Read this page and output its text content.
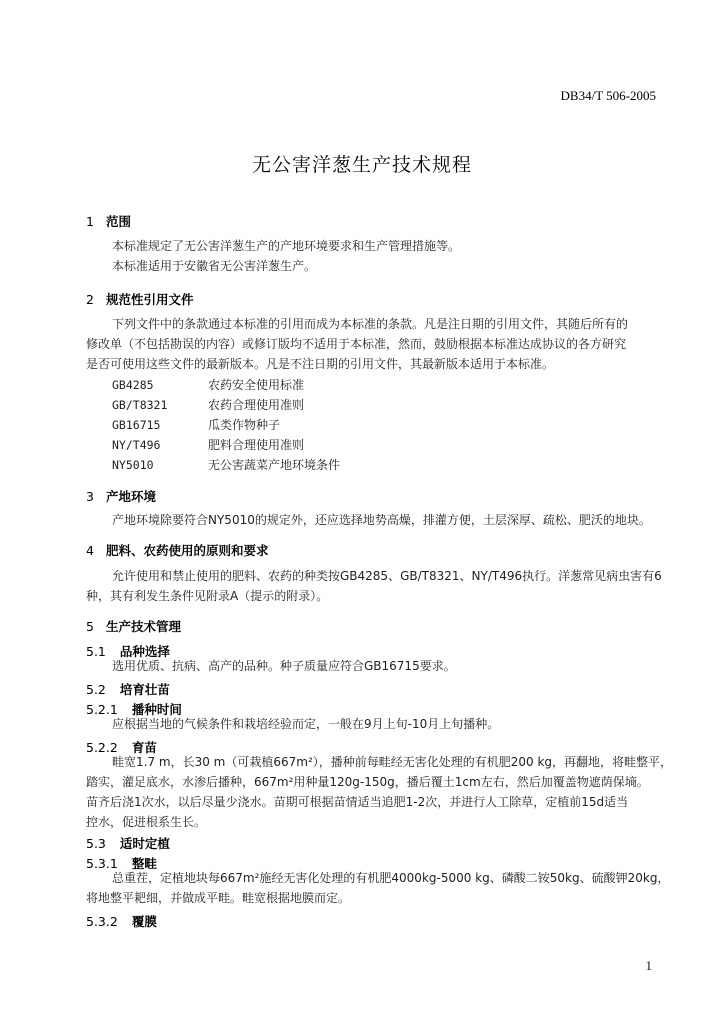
DB34/T 506-2005
无公害洋葱生产技术规程
1 范围
本标准规定了无公害洋葱生产的产地环境要求和生产管理措施等。
本标准适用于安徽省无公害洋葱生产。
2 规范性引用文件
下列文件中的条款通过本标准的引用而成为本标准的条款。凡是注日期的引用文件，其随后所有的
修改单（不包括勘误的内容）或修订版均不适用于本标准，然而，鼓励根据本标准达成协议的各方研究
是否可使用这些文件的最新版本。凡是不注日期的引用文件，其最新版本适用于本标准。
GB4285	农药安全使用标准
GB/T8321	农药合理使用准则
GB16715	瓜类作物种子
NY/T496	肥料合理使用准则
NY5010	无公害蔬菜产地环境条件
3 产地环境
产地环境除要符合NY5010的规定外，还应选择地势高燥，排灌方便，土层深厚、疏松、肥沃的地块。
4 肥料、农药使用的原则和要求
允许使用和禁止使用的肥料、农药的种类按GB4285、GB/T8321、NY/T496执行。洋葱常见病虫害有6
种，其有利发生条件见附录A（提示的附录）。
5 生产技术管理
5.1 品种选择
选用优质、抗病、高产的品种。种子质量应符合GB16715要求。
5.2 培育壮苗
5.2.1 播种时间
应根据当地的气候条件和栽培经验而定，一般在9月上旬-10月上旬播种。
5.2.2 育苗
畦宽1.7 m，长30 m（可栽植667m²），播种前每畦经无害化处理的有机肥200 kg，再翻地，将畦整平，
踏实，灌足底水，水渗后播种，667m²用种量120g-150g，播后覆土1cm左右，然后加覆盖物遮荫保墒。
苗齐后浇1次水，以后尽量少浇水。苗期可根据苗情适当追肥1-2次，并进行人工除草，定植前15d适当
控水，促进根系生长。
5.3 适时定植
5.3.1 整畦
总重茬，定植地块每667m²施经无害化处理的有机肥4000kg-5000 kg、磷酸二铵50kg、硫酸钾20kg，
将地整平耙细，并做成平畦。畦宽根据地膜而定。
5.3.2 覆膜
1
